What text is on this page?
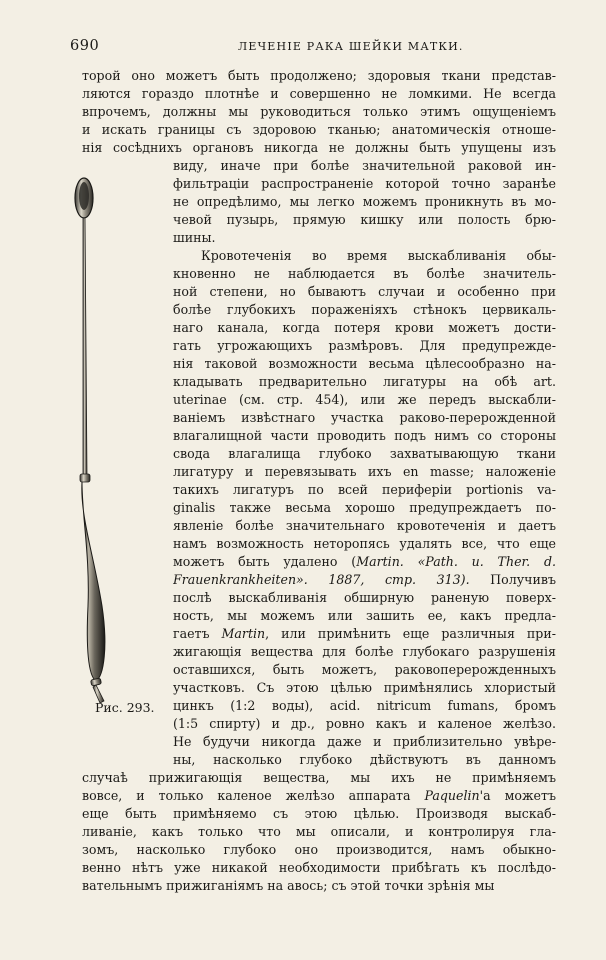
690	ЛЕЧЕНІЕ РАКА ШЕЙКИ МАТКИ.
торой оно можетъ быть продолжено; здоровыя ткани представ-
ляются гораздо плотнѣе и совершенно не ломкими. Не всегда
впрочемъ, должны мы руководиться только этимъ ощущеніемъ
и искать границы съ здоровою тканью; анатомическія отноше-
нія сосѣднихъ органовъ никогда не должны быть упущены изъ
виду, иначе при болѣе значительной раковой ин-
фильтраціи распространеніе которой точно заранѣе
не опредѣлимо, мы легко можемъ проникнуть въ мо-
чевой пузырь, прямую кишку или полость брю-
шины.
Кровотеченія во время выскабливанія обы-
кновенно не наблюдается въ болѣе значитель-
ной степени, но бываютъ случаи и особенно при
болѣе глубокихъ пораженіяхъ стѣнокъ цервикаль-
наго канала, когда потеря крови можетъ дости-
гать угрожающихъ размѣровъ. Для предупрежде-
нія таковой возможности весьма цѣлесообразно на-
кладывать предварительно лигатуры на обѣ art.
uterinae (см. стр. 454), или же передъ выскабли-
ваніемъ извѣстнаго участка раково-перерожденной
влагалищной части проводить подъ нимъ со стороны
свода влагалища глубоко захватывающую ткани
лигатуру и перевязывать ихъ en masse; наложеніе
такихъ лигатуръ по всей периферіи portionis va-
ginalis также весьма хорошо предупреждаетъ по-
явленіе болѣе значительнаго кровотеченія и даетъ
намъ возможность неторопясь удалять все, что еще
можетъ быть удалено (Martin. «Path. u. Ther. d.
Frauenkrankheiten». 1887, стр. 313). Получивъ
послѣ выскабливанія обширную раненую поверх-
ность, мы можемъ или зашить ее, какъ предла-
гаетъ Martin, или примѣнить еще различныя при-
жигающія вещества для болѣе глубокаго разрушенія
оставшихся, быть можетъ, раковоперерожденныхъ
участковъ. Съ этою цѣлью примѣнялись хлористый
цинкъ (1:2 воды), acid. nitricum fumans, бромъ
(1:5 спирту) и др., ровно какъ и каленое желѣзо.
Не будучи никогда даже и приблизительно увѣре-
ны, насколько глубоко дѣйствуютъ въ данномъ
случаѣ прижигающія вещества, мы ихъ не примѣняемъ
вовсе, и только каленое желѣзо аппарата Paquelin'а можетъ
еще быть примѣняемо съ этою цѣлью. Производя выскаб-
ливаніе, какъ только что мы описали, и контролируя гла-
зомъ, насколько глубоко оно производится, намъ обыкно-
венно нѣтъ уже никакой необходимости прибѣгать къ послѣдо-
вательнымъ прижиганіямъ на авось; съ этой точки зрѣнія мы
Рис. 293.
